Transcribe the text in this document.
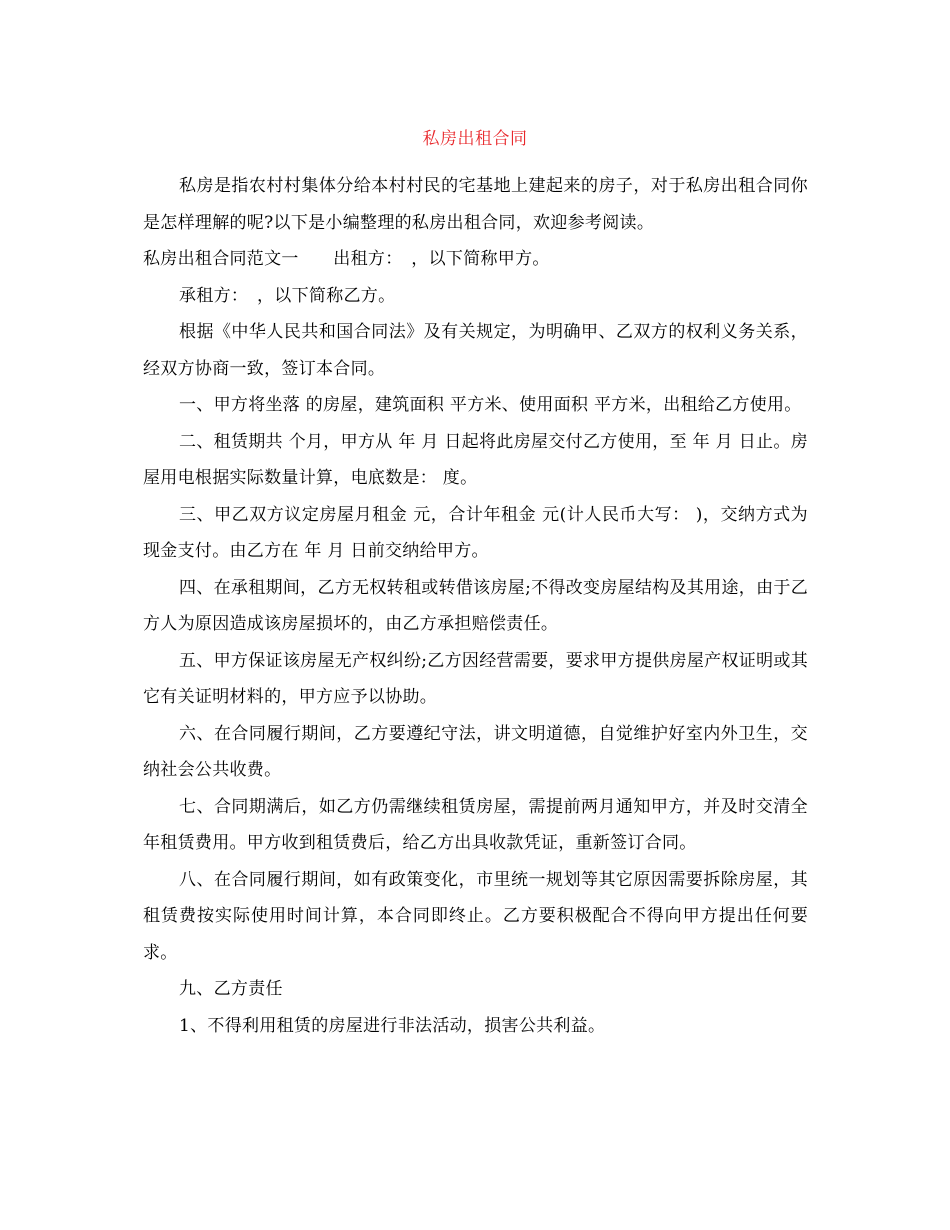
私房出租合同

私房是指农村村集体分给本村村民的宅基地上建起来的房子，对于私房出租合同你是怎样理解的呢?以下是小编整理的私房出租合同，欢迎参考阅读。

私房出租合同范文一　　出租方：　，以下简称甲方。

承租方：　，以下简称乙方。

根据《中华人民共和国合同法》及有关规定，为明确甲、乙双方的权利义务关系，经双方协商一致，签订本合同。

一、甲方将坐落 的房屋，建筑面积 平方米、使用面积 平方米，出租给乙方使用。

二、租赁期共 个月，甲方从 年 月 日起将此房屋交付乙方使用，至 年 月 日止。房屋用电根据实际数量计算，电底数是： 度。

三、甲乙双方议定房屋月租金 元，合计年租金 元(计人民币大写： )，交纳方式为现金支付。由乙方在 年 月 日前交纳给甲方。

四、在承租期间，乙方无权转租或转借该房屋;不得改变房屋结构及其用途，由于乙方人为原因造成该房屋损坏的，由乙方承担赔偿责任。

五、甲方保证该房屋无产权纠纷;乙方因经营需要，要求甲方提供房屋产权证明或其它有关证明材料的，甲方应予以协助。

六、在合同履行期间，乙方要遵纪守法，讲文明道德，自觉维护好室内外卫生，交纳社会公共收费。

七、合同期满后，如乙方仍需继续租赁房屋，需提前两月通知甲方，并及时交清全年租赁费用。甲方收到租赁费后，给乙方出具收款凭证，重新签订合同。

八、在合同履行期间，如有政策变化，市里统一规划等其它原因需要拆除房屋，其租赁费按实际使用时间计算，本合同即终止。乙方要积极配合不得向甲方提出任何要求。

九、乙方责任

1、不得利用租赁的房屋进行非法活动，损害公共利益。
